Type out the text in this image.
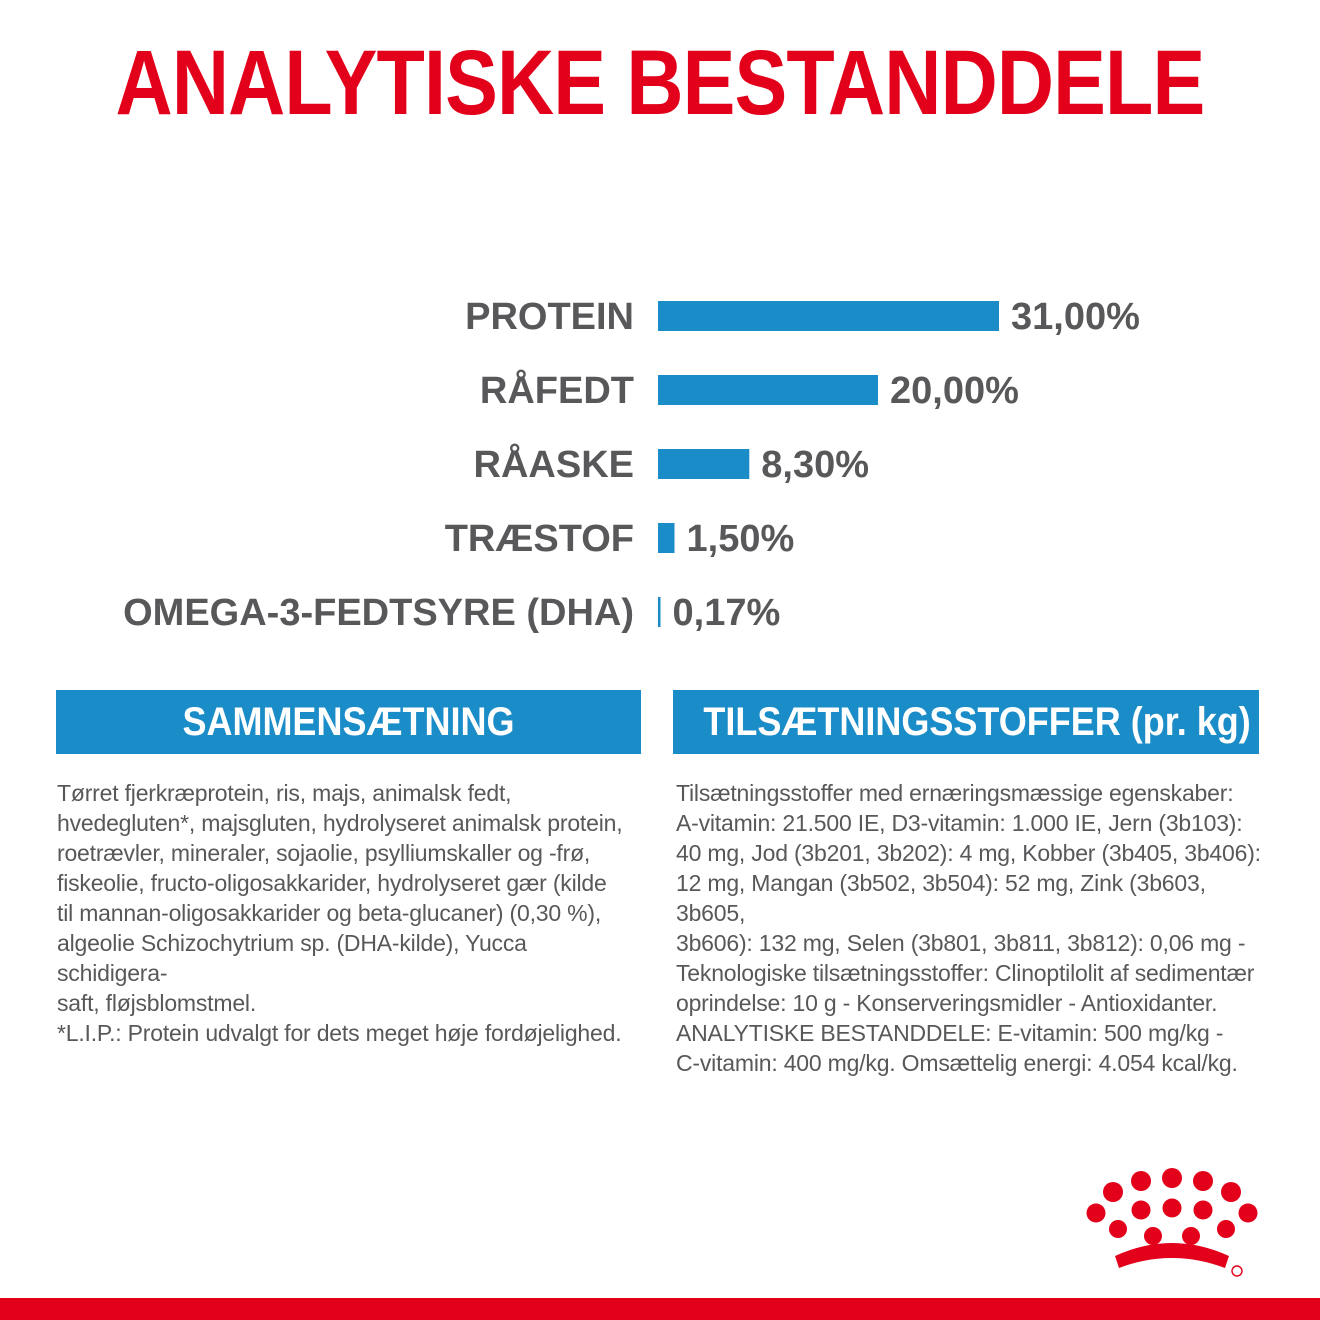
ANALYTISKE BESTANDDELE
PROTEIN	31,00%
RÅFEDT	20,00%
RÅASKE	8,30%
TRÆSTOF 1,50%
OMEGA-3-FEDTSYRE (DHA) 0,17%
SAMMENSÆTNING	TILSÆTNINGSSTOFFER (pr. kg)
Tørret fjerkræprotein, ris, majs, animalsk fedt,
hvedegluten*, majsgluten, hydrolyseret animalsk protein,
roetrævler, mineraler, sojaolie, psylliumskaller og -frø,
fiskeolie, fructo-oligosakkarider, hydrolyseret gær (kilde
til mannan-oligosakkarider og beta-glucaner) (0,30 %),
algeolie Schizochytrium sp. (DHA-kilde), Yucca schidigera-
saft, fløjsblomstmel.
*L.I.P.: Protein udvalgt for dets meget høje fordøjelighed.
Tilsætningsstoffer med ernæringsmæssige egenskaber:
A-vitamin: 21.500 IE, D3-vitamin: 1.000 IE, Jern (3b103):
40 mg, Jod (3b201, 3b202): 4 mg, Kobber (3b405, 3b406):
12 mg, Mangan (3b502, 3b504): 52 mg, Zink (3b603, 3b605,
3b606): 132 mg, Selen (3b801, 3b811, 3b812): 0,06 mg -
Teknologiske tilsætningsstoffer: Clinoptilolit af sedimentær
oprindelse: 10 g - Konserveringsmidler - Antioxidanter.
ANALYTISKE BESTANDDELE: E-vitamin: 500 mg/kg -
C-vitamin: 400 mg/kg. Omsættelig energi: 4.054 kcal/kg.
